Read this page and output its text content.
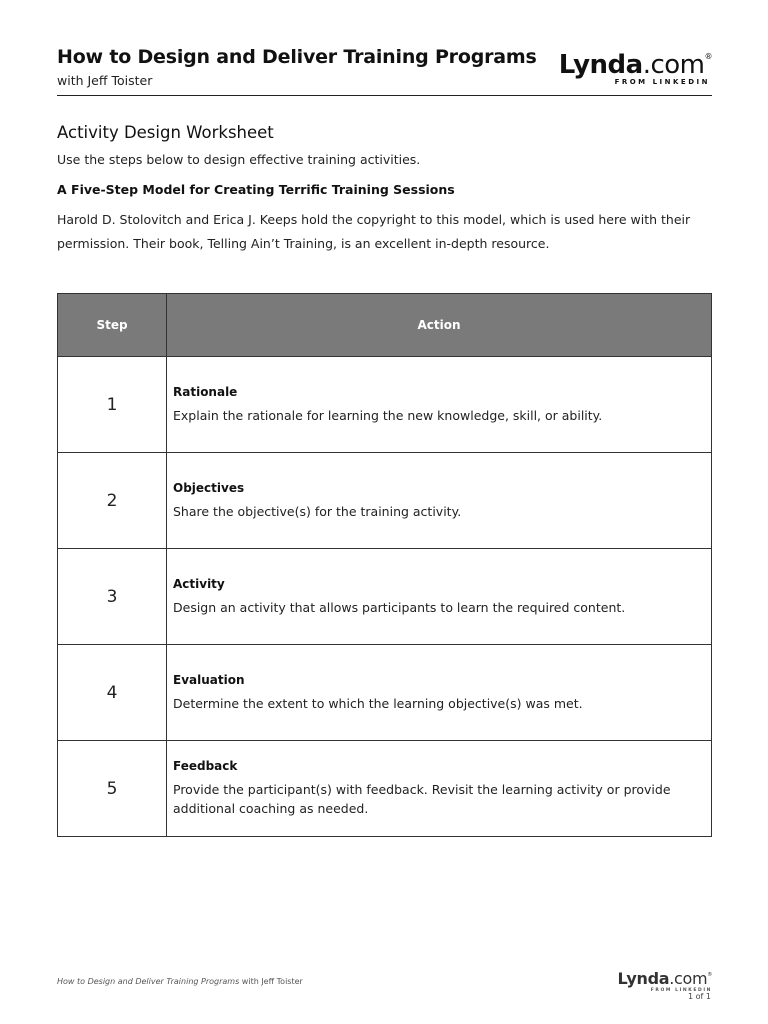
How to Design and Deliver Training Programs
with Jeff Toister
Lynda.com®
FROM LINKEDIN
Activity Design Worksheet
Use the steps below to design effective training activities.
A Five-Step Model for Creating Terrific Training Sessions
Harold D. Stolovitch and Erica J. Keeps hold the copyright to this model, which is used here with their permission. Their book, Telling Ain’t Training, is an excellent in-depth resource.
Step	Action
1	Rationale
Explain the rationale for learning the new knowledge, skill, or ability.

2	Objectives
Share the objective(s) for the training activity.

3	Activity
Design an activity that allows participants to learn the required content.

4	Evaluation
Determine the extent to which the learning objective(s) was met.

5	Feedback
Provide the participant(s) with feedback. Revisit the learning activity or provide additional coaching as needed.
How to Design and Deliver Training Programs with Jeff Toister	Lynda.com®
FROM LINKEDIN
1 of 1
